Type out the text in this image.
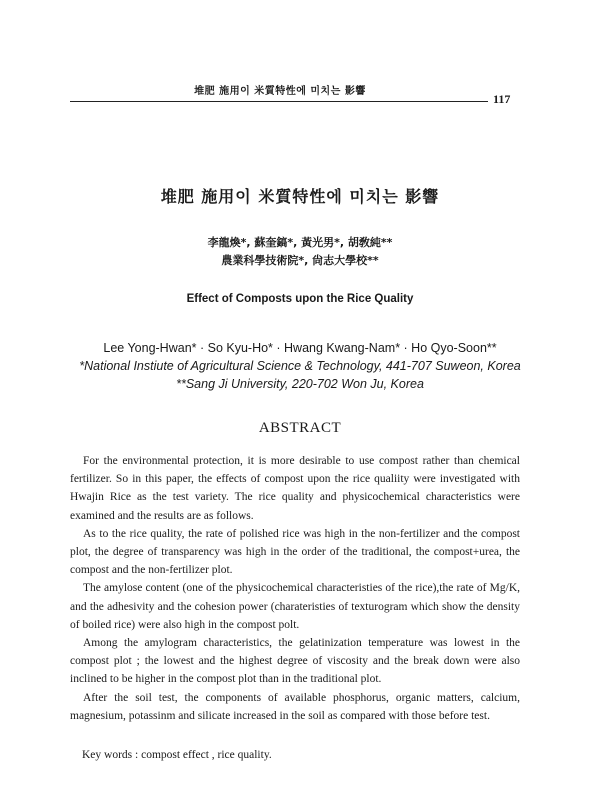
堆肥 施用이 米質特性에 미치는 影響
117
堆肥 施用이 米質特性에 미치는 影響
李龍煥*, 蘇奎鎬*, 黃光男*, 胡敎純**
農業科學技術院*, 尙志大學校**
Effect of Composts upon the Rice Quality
Lee Yong-Hwan* · So Kyu-Ho* · Hwang Kwang-Nam* · Ho Qyo-Soon**
*National Instiute of Agricultural Science & Technology, 441-707 Suweon, Korea
**Sang Ji University, 220-702 Won Ju, Korea
ABSTRACT

For the environmental protection, it is more desirable to use compost rather than chemical fertilizer. So in this paper, the effects of compost upon the rice qualiity were investigated with Hwajin Rice as the test variety. The rice quality and physicochemical characteristics were examined and the results are as follows.

As to the rice quality, the rate of polished rice was high in the non-fertilizer and the compost plot, the degree of transparency was high in the order of the traditional, the compost+urea, the compost and the non-fertilizer plot.

The amylose content (one of the physicochemical characteristies of the rice),the rate of Mg/K, and the adhesivity and the cohesion power (charateristies of texturogram which show the density of boiled rice) were also high in the compost polt.

Among the amylogram characteristics, the gelatinization temperature was lowest in the compost plot ; the lowest and the highest degree of viscosity and the break down were also inclined to be higher in the compost plot than in the traditional plot.

After the soil test, the components of available phosphorus, organic matters, calcium, magnesium, potassinm and silicate increased in the soil as compared with those before test.

Key words : compost effect , rice quality.
